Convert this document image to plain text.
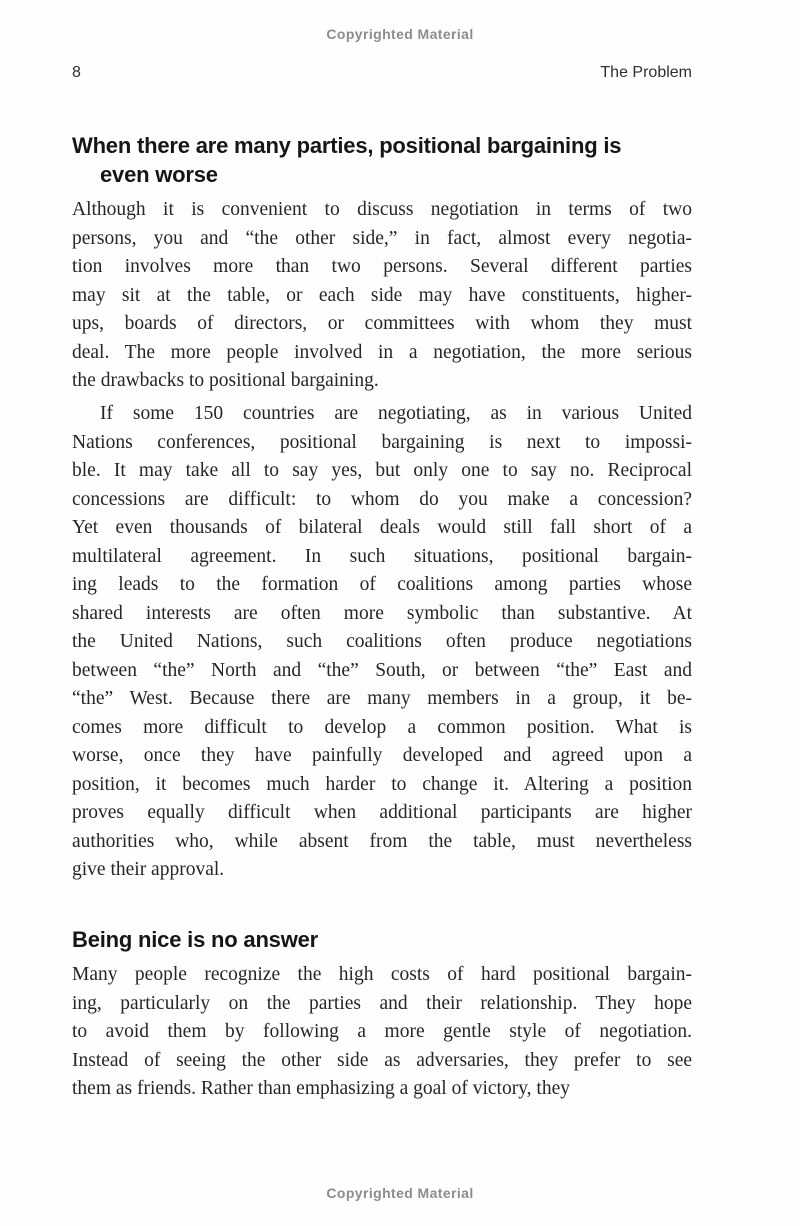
Copyrighted Material
8	The Problem
When there are many parties, positional bargaining is
even worse
Although it is convenient to discuss negotiation in terms of two
persons, you and “the other side,” in fact, almost every negotia-
tion involves more than two persons. Several different parties
may sit at the table, or each side may have constituents, higher-
ups, boards of directors, or committees with whom they must
deal. The more people involved in a negotiation, the more serious
the drawbacks to positional bargaining.
If some 150 countries are negotiating, as in various United
Nations conferences, positional bargaining is next to impossi-
ble. It may take all to say yes, but only one to say no. Reciprocal
concessions are difficult: to whom do you make a concession?
Yet even thousands of bilateral deals would still fall short of a
multilateral agreement. In such situations, positional bargain-
ing leads to the formation of coalitions among parties whose
shared interests are often more symbolic than substantive. At
the United Nations, such coalitions often produce negotiations
between “the” North and “the” South, or between “the” East and
“the” West. Because there are many members in a group, it be-
comes more difficult to develop a common position. What is
worse, once they have painfully developed and agreed upon a
position, it becomes much harder to change it. Altering a position
proves equally difficult when additional participants are higher
authorities who, while absent from the table, must nevertheless
give their approval.
Being nice is no answer
Many people recognize the high costs of hard positional bargain-
ing, particularly on the parties and their relationship. They hope
to avoid them by following a more gentle style of negotiation.
Instead of seeing the other side as adversaries, they prefer to see
them as friends. Rather than emphasizing a goal of victory, they
Copyrighted Material
